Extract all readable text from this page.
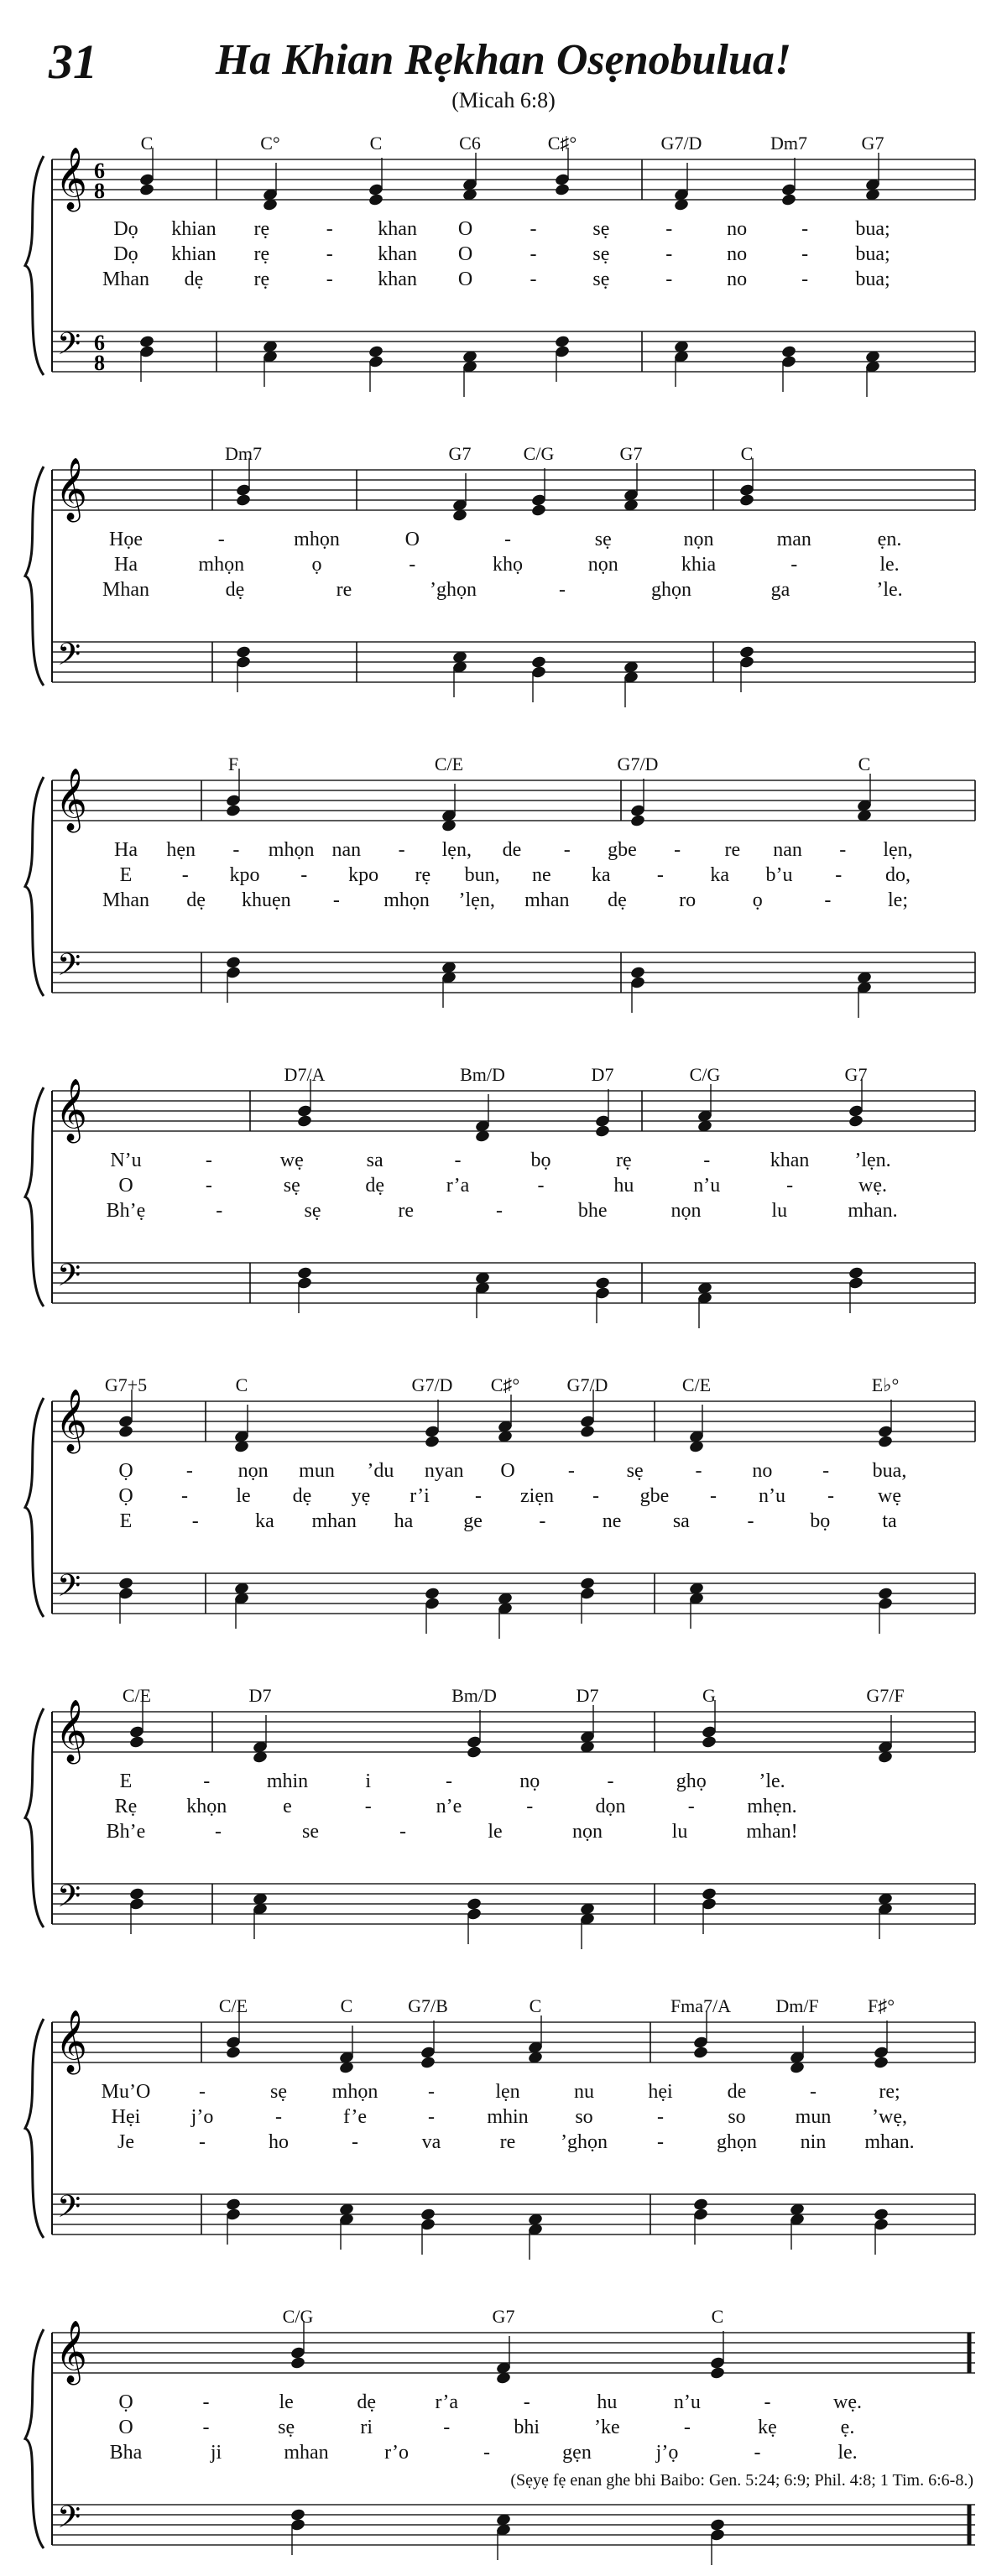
31	Ha Khian Rẹkhan Osẹnobulua!
(Micah 6:8)
𝄞
𝄢
6
8
6
8
C	C°	C	C6	C♯°	G7/D	Dm7	G7
Dọ khian rẹ	- khan O	-	sẹ	-	no	- bua;
Dọ khian rẹ	- khan O	-	sẹ	-	no	- bua;
Mhan dẹ	rẹ	- khan O	-	sẹ	-	no	- bua;
𝄞
𝄢
Dm7	G7	C/G	G7	C
Họe	-	mhọn	O	-	sẹ	nọn	man	ẹn.
Ha	mhọn	ọ	-	khọ	nọn	khia	-	le.
Mhan	dẹ	re	’ghọn	-	ghọn	ga	’le.
𝄞
𝄢
F	C/E	G7/D	C
Ha hẹn - mhọn nan - lẹn, de - gbe - re nan - lẹn,
E - kpo - kpo rẹ bun, ne ka - ka b’u - do,
Mhan dẹ khuẹn - mhọn ’lẹn, mhan dẹ	ro	ọ	-	le;
𝄞
𝄢
D7/A	Bm/D	D7	C/G	G7
N’u	-	wẹ	sa	-	bọ	rẹ	-	khan ’lẹn.
O	-	sẹ	dẹ	r’a	-	hu	n’u	-	wẹ.
Bh’ẹ	-	sẹ	re	-	bhe	nọn	lu	mhan.
𝄞
𝄢
G7+5	C	G7/D C♯°	G7/D	C/E	E♭°
Ọ	- nọn mun ’du nyan O	-	sẹ	- no - bua,
Ọ - le dẹ yẹ r’i - ziẹn - gbe - n’u - wẹ
E	-	ka mhan ha	ge	-	ne	sa	-	bọ	ta
𝄞
𝄢
C/E	D7	Bm/D	D7	G	G7/F
E	-	mhin	i	-	nọ	-	ghọ	’le.
Rẹ khọn	e	-	n’e	-	dọn	-	mhẹn.
Bh’e	-	se	-	le	nọn	lu	mhan!
𝄞
𝄢
C/E	C	G7/B	C	Fma7/A Dm/F	F♯°
Mu’O -	sẹ mhọn -	lẹn	nu	hẹi	de	-	re;
Hẹi	j’o	-	f’e	-	mhin so	-	so mun ’wẹ,
Je	-	ho	-	va	re ’ghọn -	ghọn nin mhan.
𝄞
𝄢
C/G	G7	C
Ọ	-	le	dẹ	r’a	-	hu	n’u	-	wẹ.
O	-	sẹ	ri	-	bhi	’ke	-	kẹ	ẹ.
Bha	ji	mhan	r’o	-	gẹn	j’ọ	-	le.
(Sẹyẹ fẹ enan ghe bhi Baibo: Gen. 5:24; 6:9; Phil. 4:8; 1 Tim. 6:6-8.)
